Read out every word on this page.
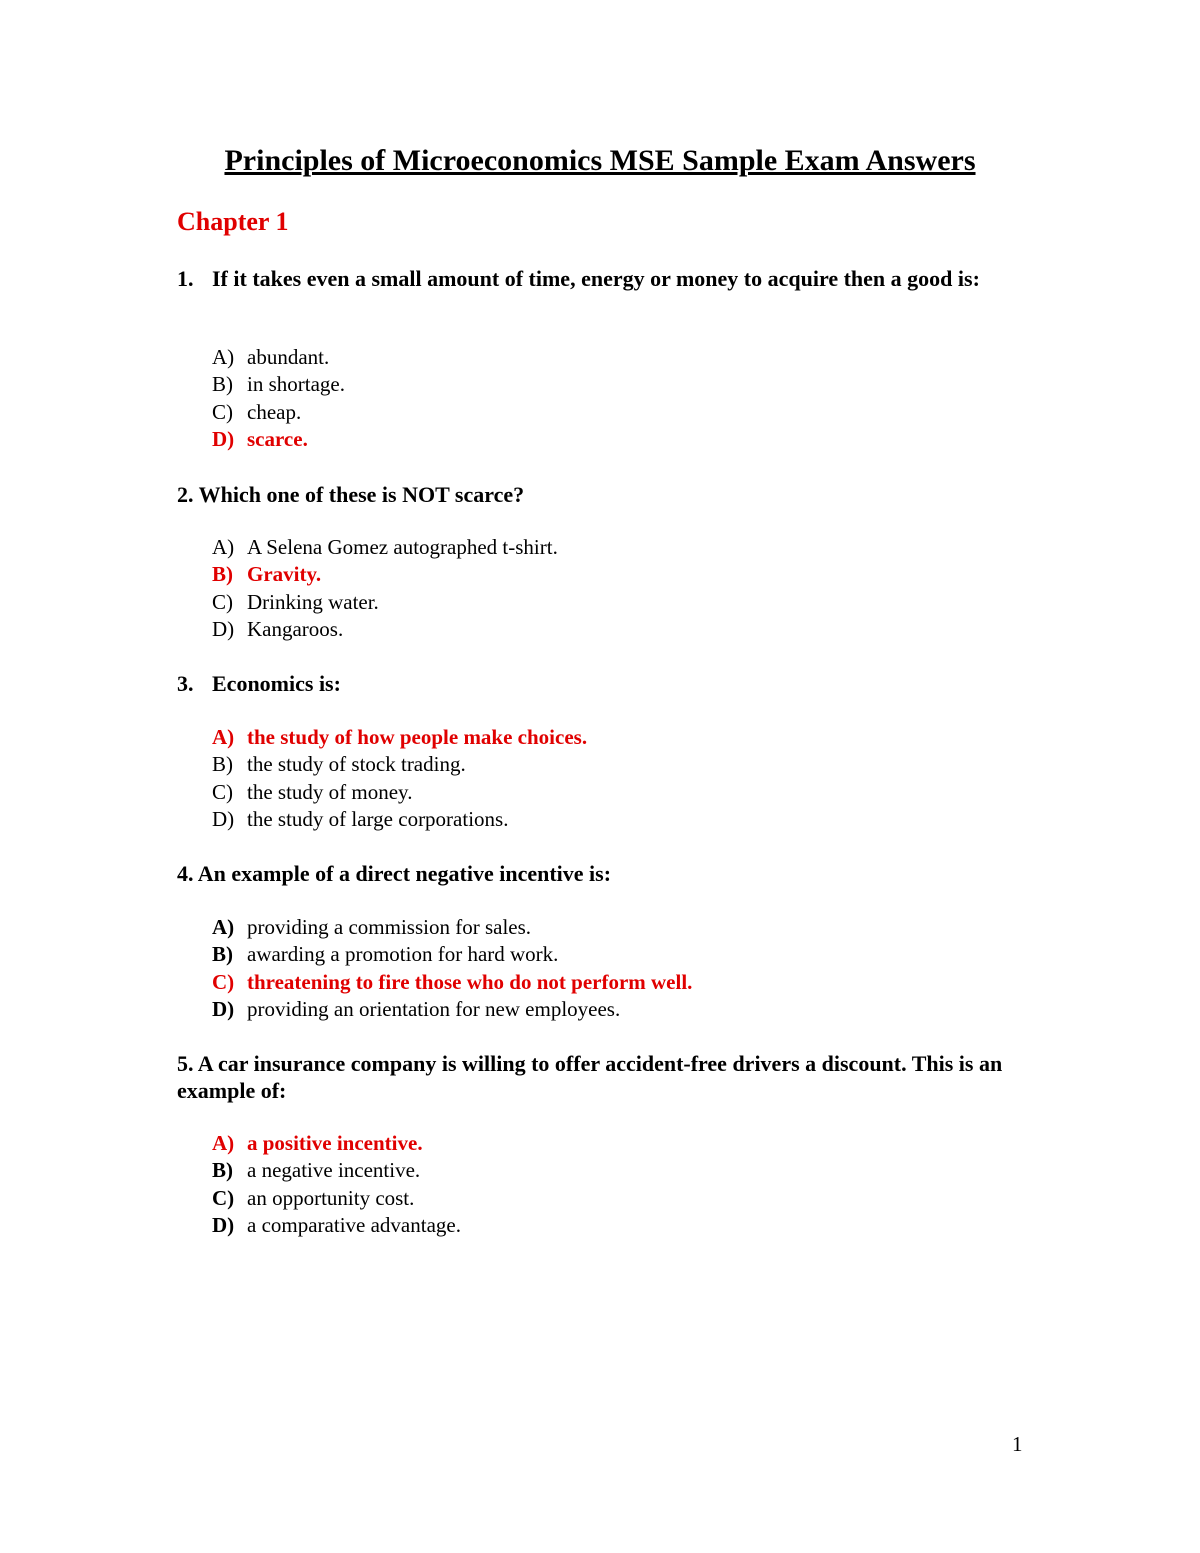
Principles of Microeconomics MSE Sample Exam Answers
Chapter 1

1. If it takes even a small amount of time, energy or money to acquire then a good is:

A) abundant.
B) in shortage.
C) cheap.
D) scarce.

2. Which one of these is NOT scarce?

A) A Selena Gomez autographed t-shirt.
B) Gravity.
C) Drinking water.
D) Kangaroos.

3. Economics is:

A) the study of how people make choices.
B) the study of stock trading.
C) the study of money.
D) the study of large corporations.

4. An example of a direct negative incentive is:

A) providing a commission for sales.
B) awarding a promotion for hard work.
C) threatening to fire those who do not perform well.
D) providing an orientation for new employees.

5. A car insurance company is willing to offer accident-free drivers a discount. This is an example of:

A) a positive incentive.
B) a negative incentive.
C) an opportunity cost.
D) a comparative advantage.
1
